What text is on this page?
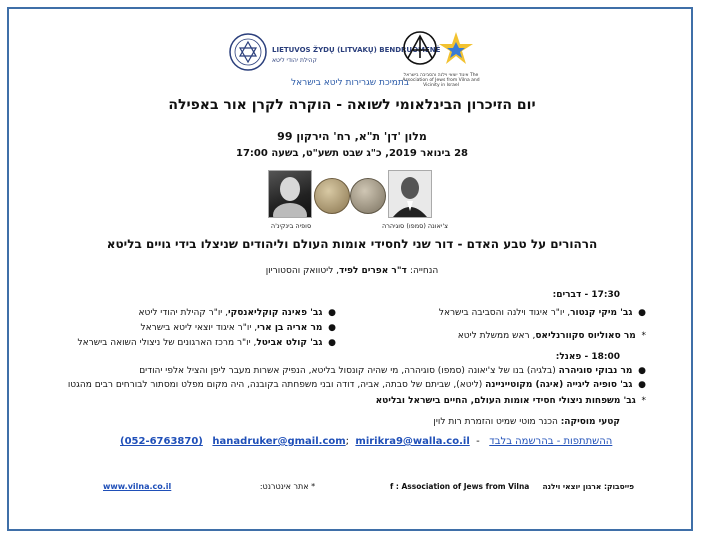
LIETUVOS ŽYDŲ (LITVAKŲ) BENDRUOMENĖ
קהילת יהודי ליטא
איגוד יוצאי וילנה והסביבה בישראל The Association of Jews from Vilna and Vicinity in Israel
בתמיכת שגרירות ליטא בישראל
יום הזיכרון הבינלאומי לשואה - הוקרה לקרן אור באפילה
מלון 'דן' ת"א, רח' הירקון 99
28 בינואר 2019, כ"ג שבט תשע"ט, בשעה 17:00
סופיה בינקינ'ה	צ'יאונה (סמפו) סוגיהרה
הרהורים על טבע האדם - דור שני לחסידי אומות העולם וליהודים שניצלו בידי גויים בליטא
הנחייה: ד"ר אפרים לפיד, ליטוואק והסטוריון
17:30 - דברים:
●  גב' מיקי קנטור, יו"ר איגוד וילנה והסביבה בישראל
*  מר סאוליוס סקוורנליאס, ראש ממשלת ליטא
●  גב' פאינה קוקליאנסקי, יו"ר קהילת יהודי ליטא
●  מר אריה בן ארי, יו"ר איגוד יוצאי ליטא בישראל
●  גב' קולט אביטל, יו"ר מרכז הארגונים של ניצולי השואה בישראל
18:00 - פאנל:
●  מר נבוקי סוגיהרה (בלגיה) בנו של צ'יאונה (סמפו) סוגיהרה, מי שהיה קונסול בליטא, הנפיק אשרות מעבר ליפן והציל אלפי יהודים
●  גב' סופיה ליגייה (איגה) מקוטייניינה (ליטא), שביתם של סבתה, אביה, דודה ובני משפחתה בקובנה, היה מקום מפלט ומסתור לבורחים רבים מהגטו
*  גב' משפחות ניצולי חסידי אומות העולם, החיים בישראל ובליטא
קטעי מוסיקה: הכנר מוטי שמיט והזמרת רות לוין
(052-6763870) hanadruker@gmail.com;  mirikra9@walla.co.il  -   ההשתתפות - בהרשמה בלבד
www.vilna.co.il	* אתר אינטרנט:	f : Association of Jews from Vilna פייסבוק: ארגון יוצאי וילנה
